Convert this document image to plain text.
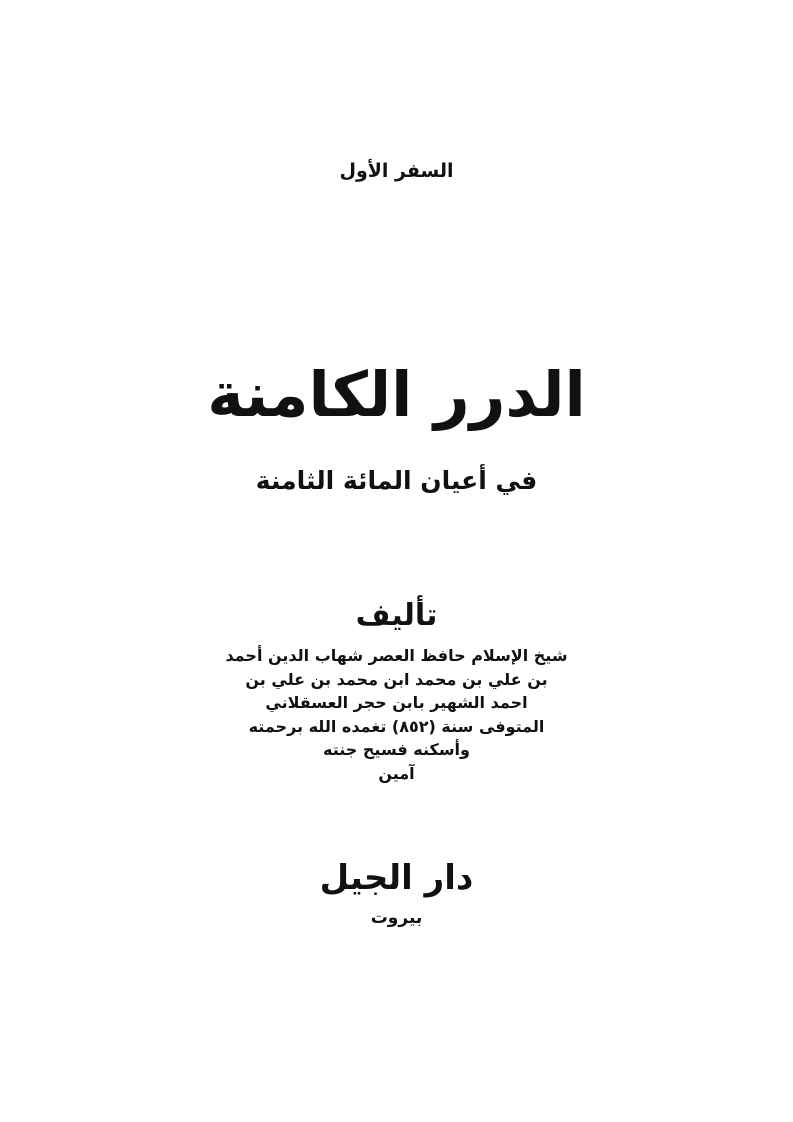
السفر الأول
الدرر الكامنة
في أعيان المائة الثامنة
تأليف
شيخ الإسلام حافظ العصر شهاب الدين أحمد
بن علي بن محمد ابن محمد بن علي بن
احمد الشهير بابن حجر العسقلاني
المتوفى سنة (٨٥٢) تغمده الله برحمته
وأسكنه فسيح جنته
آمين
دار الجيل
بيروت
